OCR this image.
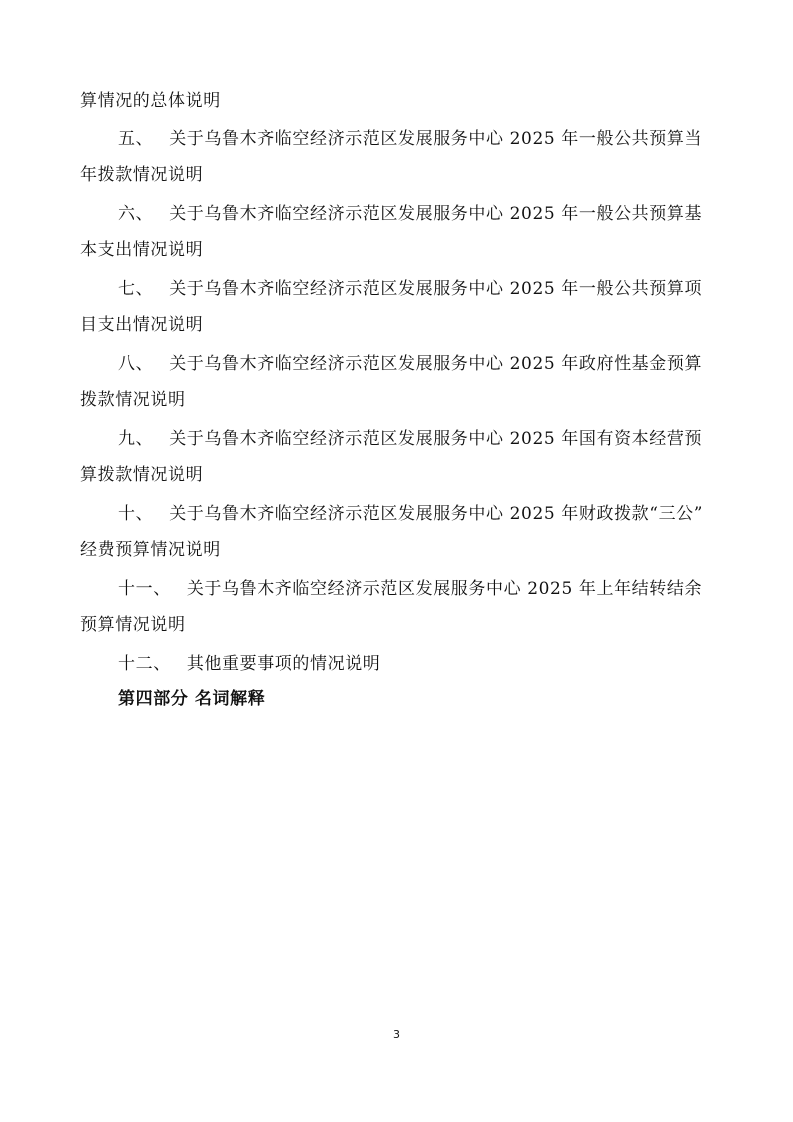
算情况的总体说明
五、 关于乌鲁木齐临空经济示范区发展服务中心 2025 年一般公共预算当
年拨款情况说明
六、 关于乌鲁木齐临空经济示范区发展服务中心 2025 年一般公共预算基
本支出情况说明
七、 关于乌鲁木齐临空经济示范区发展服务中心 2025 年一般公共预算项
目支出情况说明
八、 关于乌鲁木齐临空经济示范区发展服务中心 2025 年政府性基金预算
拨款情况说明
九、 关于乌鲁木齐临空经济示范区发展服务中心 2025 年国有资本经营预
算拨款情况说明
十、 关于乌鲁木齐临空经济示范区发展服务中心 2025 年财政拨款“三公”
经费预算情况说明
十一、 关于乌鲁木齐临空经济示范区发展服务中心 2025 年上年结转结余
预算情况说明
十二、 其他重要事项的情况说明
第四部分 名词解释
3
